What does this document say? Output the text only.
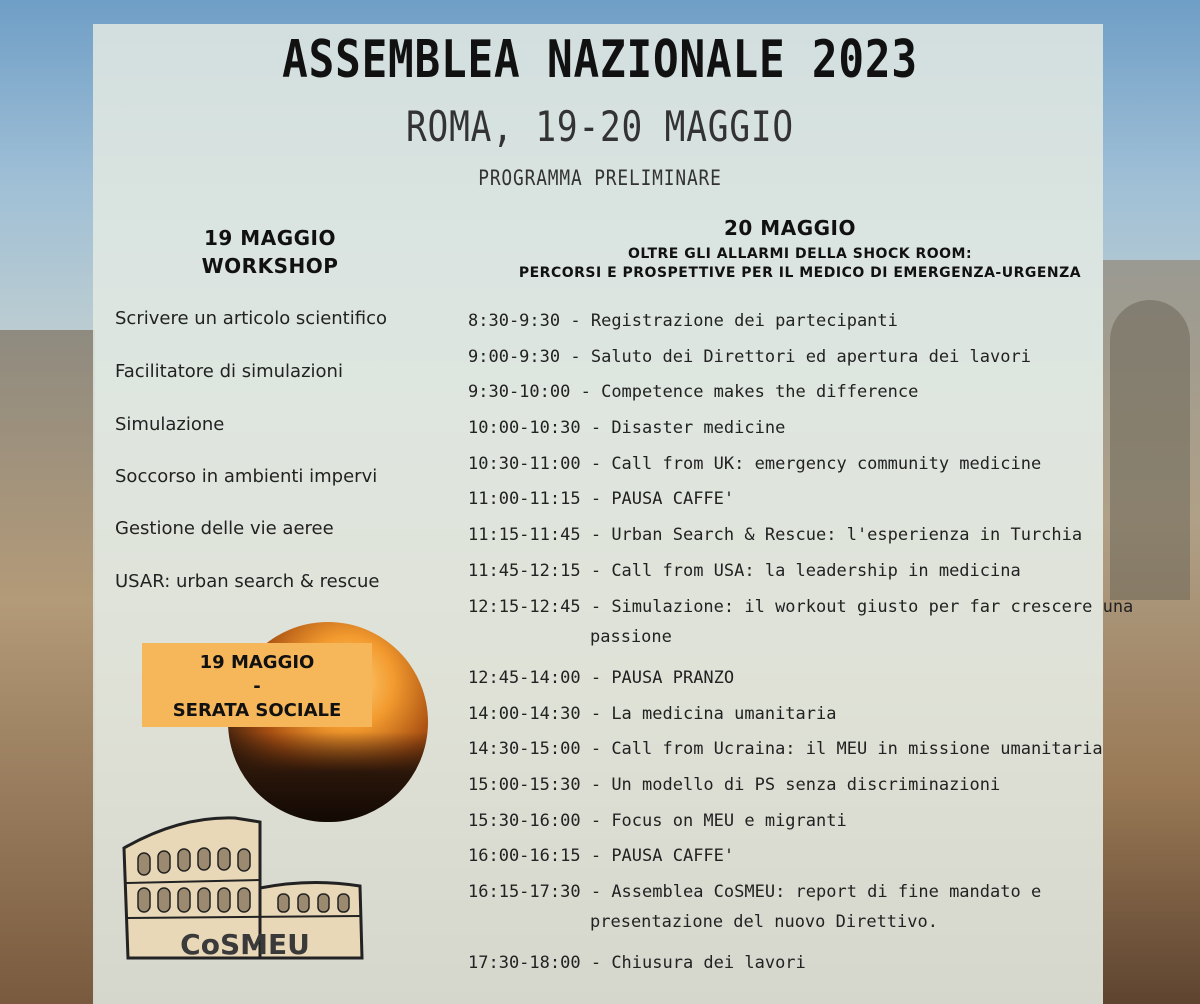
ASSEMBLEA NAZIONALE 2023
ROMA, 19-20 MAGGIO
PROGRAMMA PRELIMINARE
19 MAGGIO
WORKSHOP
20 MAGGIO
OLTRE GLI ALLARMI DELLA SHOCK ROOM:
PERCORSI E PROSPETTIVE PER IL MEDICO DI EMERGENZA-URGENZA
Scrivere un articolo scientifico
Facilitatore di simulazioni
Simulazione
Soccorso in ambienti impervi
Gestione delle vie aeree
USAR: urban search & rescue
19 MAGGIO
-
SERATA SOCIALE
CoSMEU
8:30-9:30 - Registrazione dei partecipanti
9:00-9:30 - Saluto dei Direttori ed apertura dei lavori
9:30-10:00 - Competence makes the difference
10:00-10:30 - Disaster medicine
10:30-11:00 - Call from UK: emergency community medicine
11:00-11:15 - PAUSA CAFFE'
11:15-11:45 - Urban Search & Rescue: l'esperienza in Turchia
11:45-12:15 - Call from USA: la leadership in medicina
12:15-12:45 - Simulazione: il workout giusto per far crescere una
passione
12:45-14:00 - PAUSA PRANZO
14:00-14:30 - La medicina umanitaria
14:30-15:00 - Call from Ucraina: il MEU in missione umanitaria
15:00-15:30 - Un modello di PS senza discriminazioni
15:30-16:00 - Focus on MEU e migranti
16:00-16:15 - PAUSA CAFFE'
16:15-17:30 - Assemblea CoSMEU: report di fine mandato e
presentazione del nuovo Direttivo.
17:30-18:00 - Chiusura dei lavori
